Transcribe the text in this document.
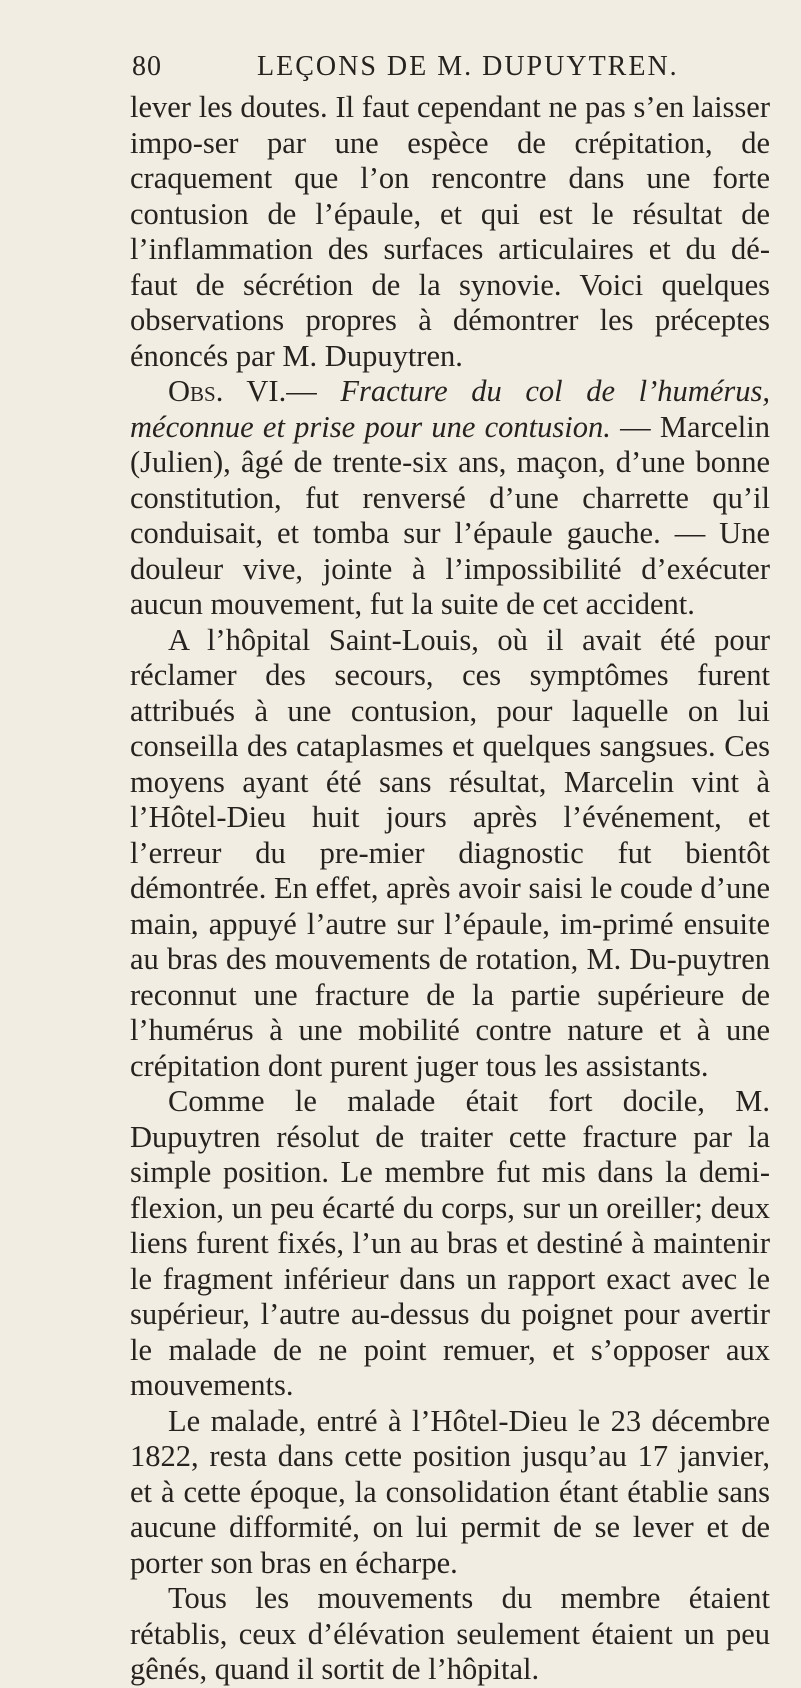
80	LEÇONS DE M. DUPUYTREN.

lever les doutes. Il faut cependant ne pas s’en laisser impo-ser par une espèce de crépitation, de craquement que l’on rencontre dans une forte contusion de l’épaule, et qui est le résultat de l’inflammation des surfaces articulaires et du dé-faut de sécrétion de la synovie. Voici quelques observations propres à démontrer les préceptes énoncés par M. Dupuytren.

Obs. VI.— Fracture du col de l’humérus, méconnue et prise pour une contusion. — Marcelin (Julien), âgé de trente-six ans, maçon, d’une bonne constitution, fut renversé d’une charrette qu’il conduisait, et tomba sur l’épaule gauche. — Une douleur vive, jointe à l’impossibilité d’exécuter aucun mouvement, fut la suite de cet accident.

A l’hôpital Saint-Louis, où il avait été pour réclamer des secours, ces symptômes furent attribués à une contusion, pour laquelle on lui conseilla des cataplasmes et quelques sangsues. Ces moyens ayant été sans résultat, Marcelin vint à l’Hôtel-Dieu huit jours après l’événement, et l’erreur du pre-mier diagnostic fut bientôt démontrée. En effet, après avoir saisi le coude d’une main, appuyé l’autre sur l’épaule, im-primé ensuite au bras des mouvements de rotation, M. Du-puytren reconnut une fracture de la partie supérieure de l’humérus à une mobilité contre nature et à une crépitation dont purent juger tous les assistants.

Comme le malade était fort docile, M. Dupuytren résolut de traiter cette fracture par la simple position. Le membre fut mis dans la demi-flexion, un peu écarté du corps, sur un oreiller; deux liens furent fixés, l’un au bras et destiné à maintenir le fragment inférieur dans un rapport exact avec le supérieur, l’autre au-dessus du poignet pour avertir le malade de ne point remuer, et s’opposer aux mouvements.

Le malade, entré à l’Hôtel-Dieu le 23 décembre 1822, resta dans cette position jusqu’au 17 janvier, et à cette époque, la consolidation étant établie sans aucune difformité, on lui permit de se lever et de porter son bras en écharpe.

Tous les mouvements du membre étaient rétablis, ceux d’élévation seulement étaient un peu gênés, quand il sortit de l’hôpital.
